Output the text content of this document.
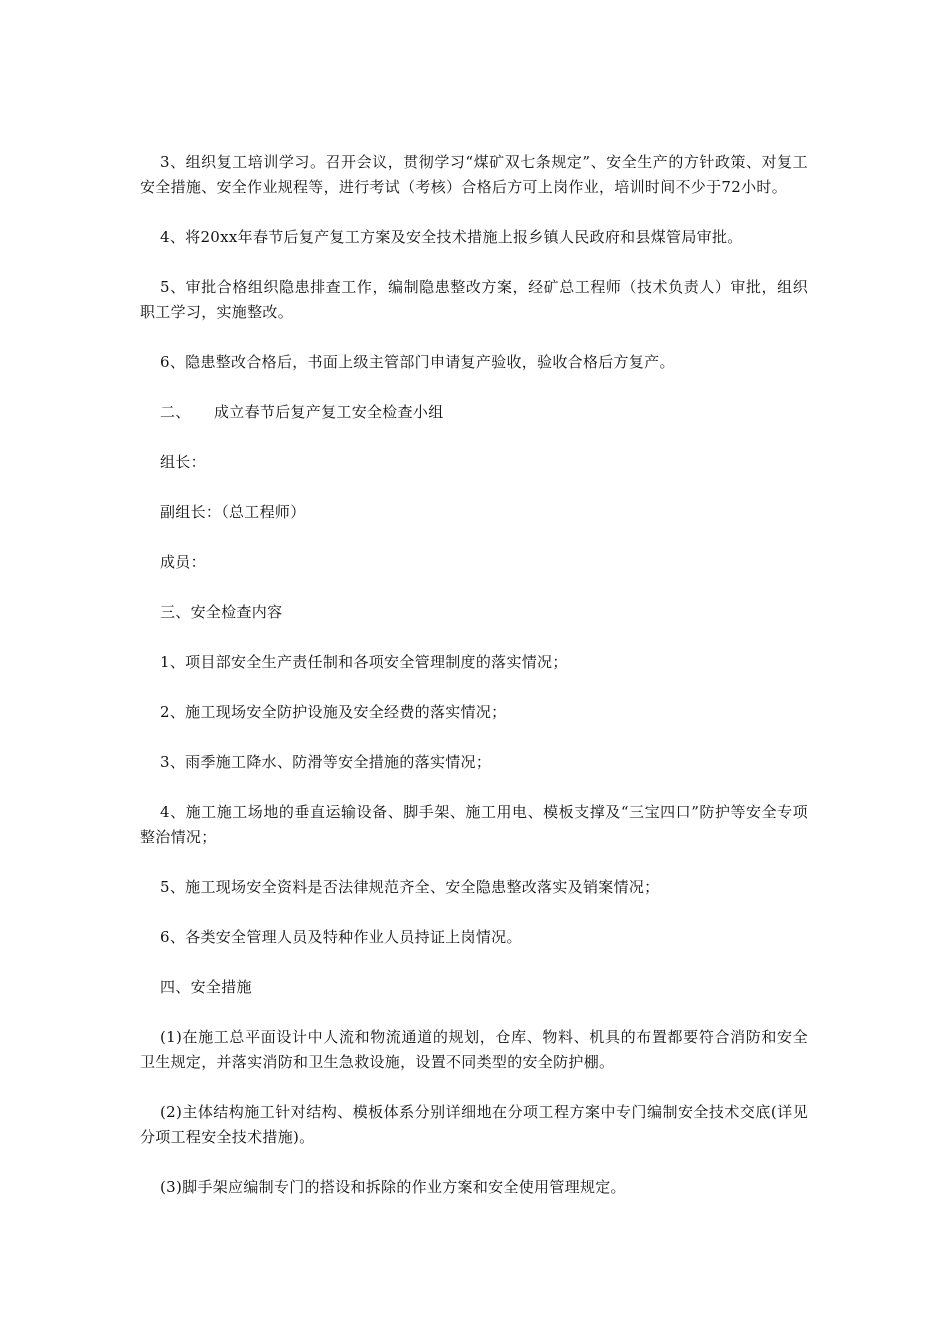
3、组织复工培训学习。召开会议，贯彻学习“煤矿双七条规定”、安全生产的方针政策、对复工安全措施、安全作业规程等，进行考试（考核）合格后方可上岗作业，培训时间不少于72小时。

4、将20xx年春节后复产复工方案及安全技术措施上报乡镇人民政府和县煤管局审批。

5、审批合格组织隐患排查工作，编制隐患整改方案，经矿总工程师（技术负责人）审批，组织职工学习，实施整改。

6、隐患整改合格后，书面上级主管部门申请复产验收，验收合格后方复产。

二、 成立春节后复产复工安全检查小组

组长：

副组长：（总工程师）

成员：

三、安全检查内容

1、项目部安全生产责任制和各项安全管理制度的落实情况；

2、施工现场安全防护设施及安全经费的落实情况；

3、雨季施工降水、防滑等安全措施的落实情况；

4、施工施工场地的垂直运输设备、脚手架、施工用电、模板支撑及“三宝四口”防护等安全专项整治情况；

5、施工现场安全资料是否法律规范齐全、安全隐患整改落实及销案情况；

6、各类安全管理人员及特种作业人员持证上岗情况。

四、安全措施

(1)在施工总平面设计中人流和物流通道的规划，仓库、物料、机具的布置都要符合消防和安全卫生规定，并落实消防和卫生急救设施，设置不同类型的安全防护棚。

(2)主体结构施工针对结构、模板体系分别详细地在分项工程方案中专门编制安全技术交底(详见分项工程安全技术措施)。

(3)脚手架应编制专门的搭设和拆除的作业方案和安全使用管理规定。
